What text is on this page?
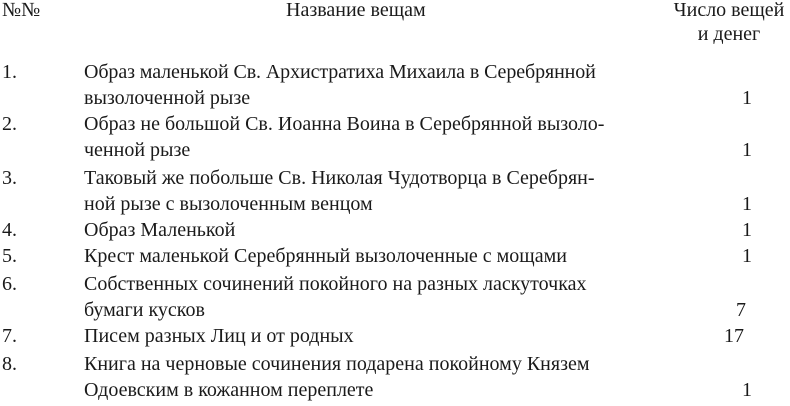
№№	Название вещам	Число вещей
и денег
1.	Образ маленькой Св. Архистратиха Михаила в Серебрянной
вызолоченной рызе	1
2.	Образ не большой Св. Иоанна Воина в Серебрянной вызоло-
ченной рызе	1
3.	Таковый же побольше Св. Николая Чудотворца в Серебрян-
ной рызе с вызолоченным венцом	1
4.	Образ Маленькой	1
5.	Крест маленькой Серебрянный вызолоченные с мощами	1
6.	Собственных сочинений покойного на разных ласкуточках
бумаги кусков	7
7.	Писем разных Лиц и от родных	17
8.	Книга на черновые сочинения подарена покойному Князем
Одоевским в кожанном переплете	1
